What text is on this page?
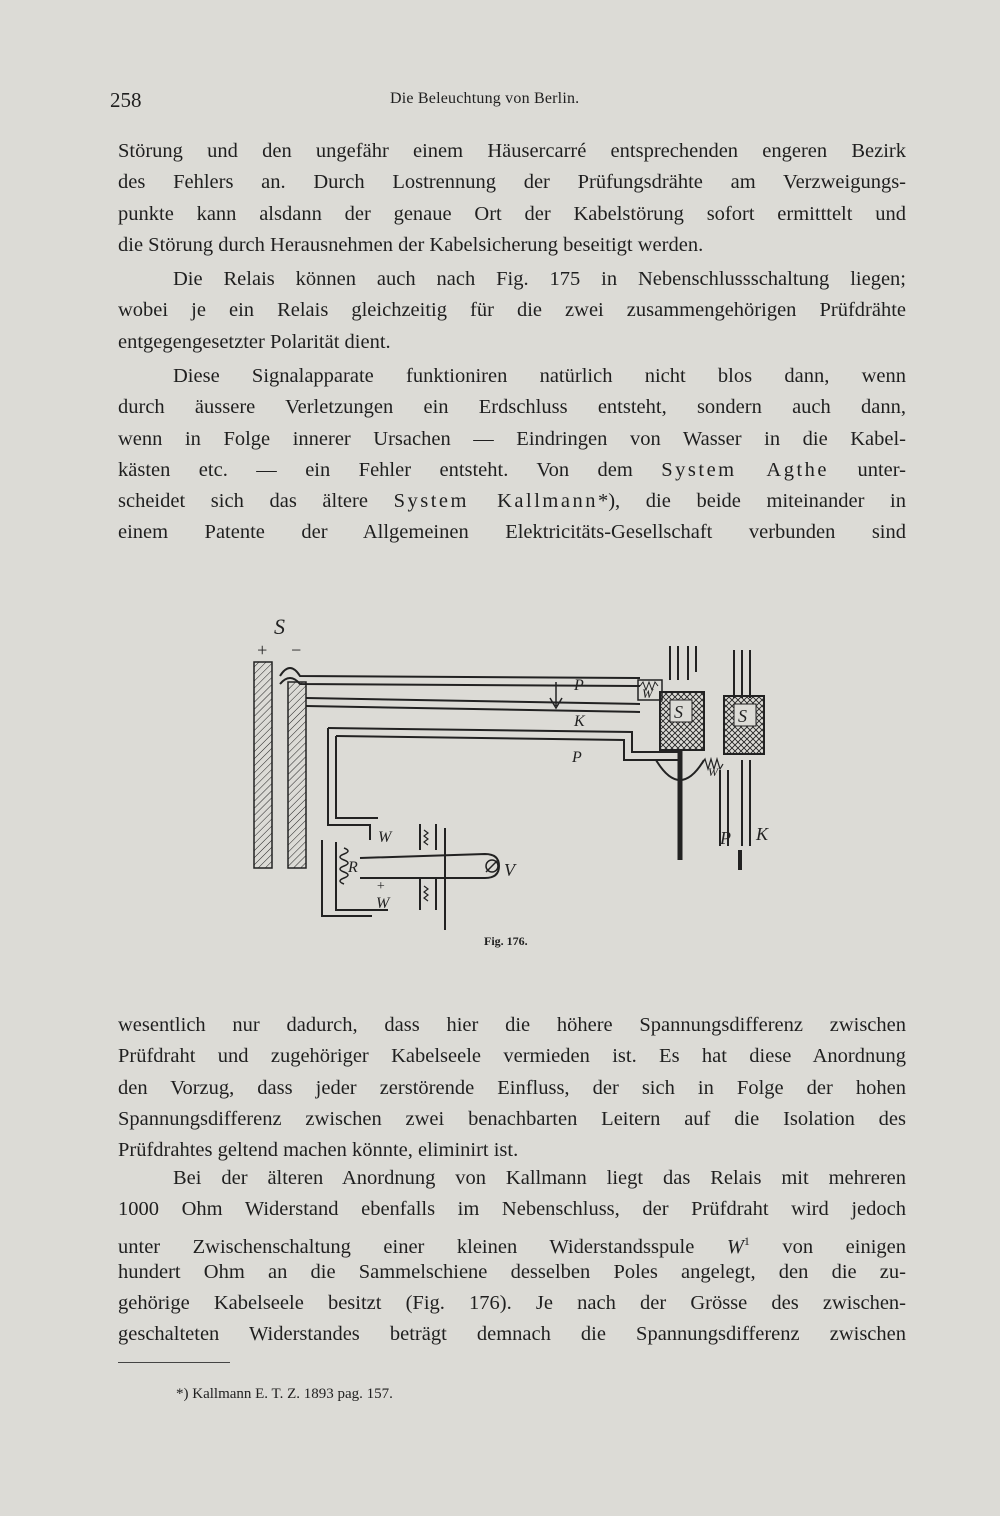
258	Die Beleuchtung von Berlin.
Störung und den ungefähr einem Häusercarré entsprechenden engeren Bezirk
des Fehlers an. Durch Lostrennung der Prüfungsdrähte am Verzweigungs-
punkte kann alsdann der genaue Ort der Kabelstörung sofort ermitttelt und
die Störung durch Herausnehmen der Kabelsicherung beseitigt werden.
Die Relais können auch nach Fig. 175 in Nebenschlussschaltung liegen;
wobei je ein Relais gleichzeitig für die zwei zusammengehörigen Prüfdrähte
entgegengesetzter Polarität dient.
Diese Signalapparate funktioniren natürlich nicht blos dann, wenn
durch äussere Verletzungen ein Erdschluss entsteht, sondern auch dann,
wenn in Folge innerer Ursachen — Eindringen von Wasser in die Kabel-
kästen etc. — ein Fehler entsteht. Von dem System Agthe unter-
scheidet sich das ältere System Kallmann*), die beide miteinander in
einem Patente der Allgemeinen Elektricitäts-Gesellschaft verbunden sind
S
+ −
P
K
P
W
S	S
W
P K
W
W
−
+
R	V
Fig. 176.
wesentlich nur dadurch, dass hier die höhere Spannungsdifferenz zwischen
Prüfdraht und zugehöriger Kabelseele vermieden ist. Es hat diese Anordnung
den Vorzug, dass jeder zerstörende Einfluss, der sich in Folge der hohen
Spannungsdifferenz zwischen zwei benachbarten Leitern auf die Isolation des
Prüfdrahtes geltend machen könnte, eliminirt ist.
Bei der älteren Anordnung von Kallmann liegt das Relais mit mehreren
1000 Ohm Widerstand ebenfalls im Nebenschluss, der Prüfdraht wird jedoch
unter Zwischenschaltung einer kleinen Widerstandsspule $W^1$ von einigen
hundert Ohm an die Sammelschiene desselben Poles angelegt, den die zu-
gehörige Kabelseele besitzt (Fig. 176). Je nach der Grösse des zwischen-
geschalteten Widerstandes beträgt demnach die Spannungsdifferenz zwischen
*) Kallmann E. T. Z. 1893 pag. 157.
